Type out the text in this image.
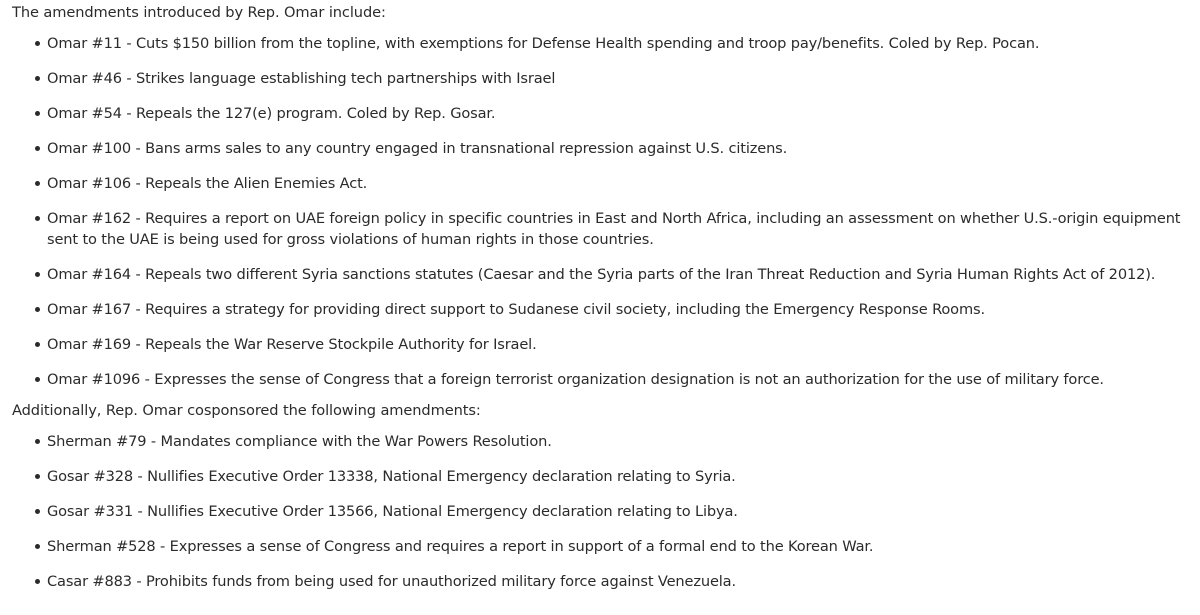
The amendments introduced by Rep. Omar include:

Omar #11 - Cuts $150 billion from the topline, with exemptions for Defense Health spending and troop pay/benefits. Coled by Rep. Pocan.
Omar #46 - Strikes language establishing tech partnerships with Israel
Omar #54 - Repeals the 127(e) program. Coled by Rep. Gosar.
Omar #100 - Bans arms sales to any country engaged in transnational repression against U.S. citizens.
Omar #106 - Repeals the Alien Enemies Act.
Omar #162 - Requires a report on UAE foreign policy in specific countries in East and North Africa, including an assessment on whether U.S.-origin equipment sent to the UAE is being used for gross violations of human rights in those countries.
Omar #164 - Repeals two different Syria sanctions statutes (Caesar and the Syria parts of the Iran Threat Reduction and Syria Human Rights Act of 2012).
Omar #167 - Requires a strategy for providing direct support to Sudanese civil society, including the Emergency Response Rooms.
Omar #169 - Repeals the War Reserve Stockpile Authority for Israel.
Omar #1096 - Expresses the sense of Congress that a foreign terrorist organization designation is not an authorization for the use of military force.

Additionally, Rep. Omar cosponsored the following amendments:

Sherman #79 - Mandates compliance with the War Powers Resolution.
Gosar #328 - Nullifies Executive Order 13338, National Emergency declaration relating to Syria.
Gosar #331 - Nullifies Executive Order 13566, National Emergency declaration relating to Libya.
Sherman #528 - Expresses a sense of Congress and requires a report in support of a formal end to the Korean War.
Casar #883 - Prohibits funds from being used for unauthorized military force against Venezuela.
